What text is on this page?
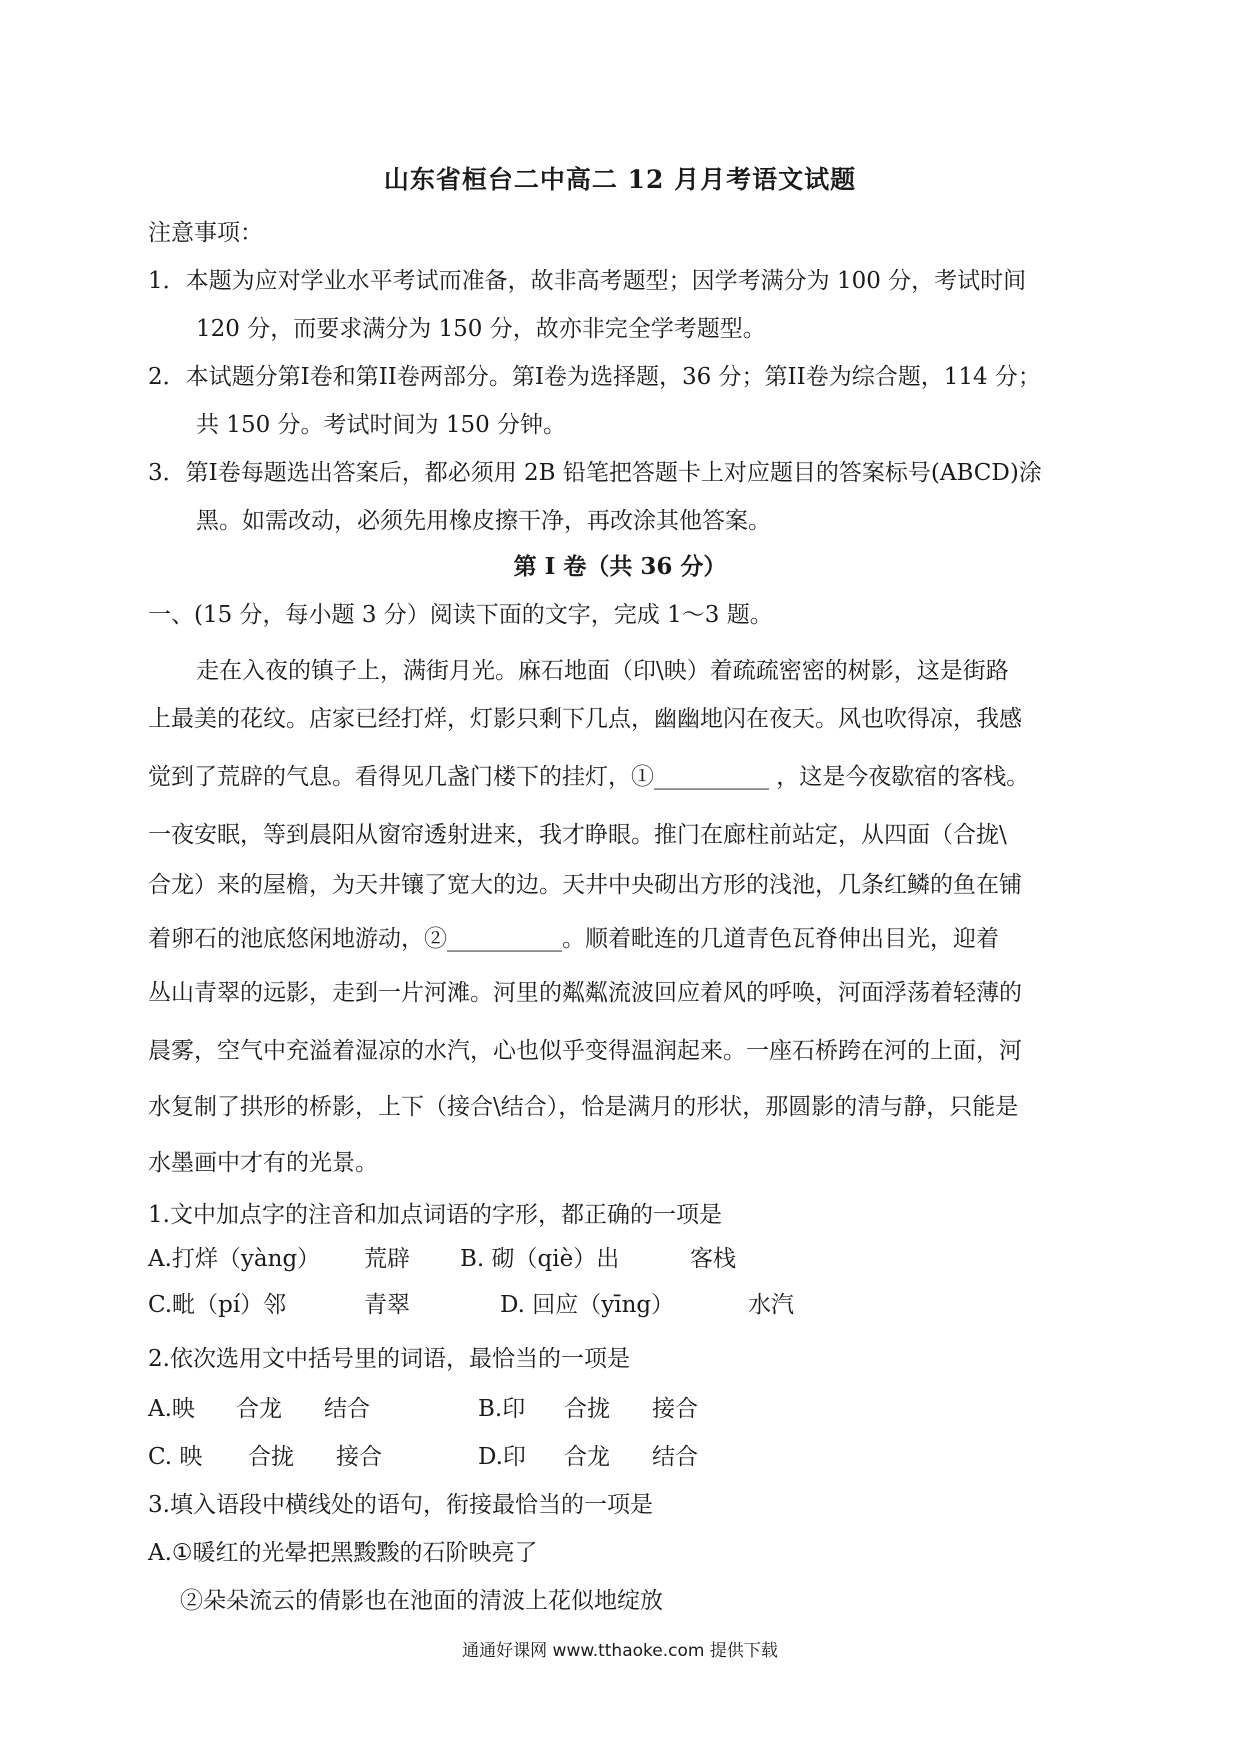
山东省桓台二中高二 12 月月考语文试题
注意事项：
1．本题为应对学业水平考试而准备，故非高考题型；因学考满分为 100 分，考试时间
120 分，而要求满分为 150 分，故亦非完全学考题型。
2．本试题分第Ⅰ卷和第II卷两部分。第Ⅰ卷为选择题，36 分；第II卷为综合题，114 分；
共 150 分。考试时间为 150 分钟。
3．第Ⅰ卷每题选出答案后，都必须用 2B 铅笔把答题卡上对应题目的答案标号(ABCD)涂
黑。如需改动，必须先用橡皮擦干净，再改涂其他答案。
第 Ⅰ 卷（共 36 分）
一、(15 分，每小题 3 分）阅读下面的文字，完成 1～3 题。
走在入夜的镇子上，满街月光。麻石地面（印\映）着疏疏密密的树影，这是街路
上最美的花纹。店家已经打烊，灯影只剩下几点，幽幽地闪在夜天。风也吹得凉，我感
觉到了荒辟的气息。看得见几盏门楼下的挂灯，①__________ ，这是今夜歇宿的客栈。
一夜安眠，等到晨阳从窗帘透射进来，我才睁眼。推门在廊柱前站定，从四面（合拢\
合龙）来的屋檐，为天井镶了宽大的边。天井中央砌出方形的浅池，几条红鳞的鱼在铺
着卵石的池底悠闲地游动，②__________。顺着毗连的几道青色瓦脊伸出目光，迎着
丛山青翠的远影，走到一片河滩。河里的粼粼流波回应着风的呼唤，河面浮荡着轻薄的
晨雾，空气中充溢着湿凉的水汽，心也似乎变得温润起来。一座石桥跨在河的上面，河
水复制了拱形的桥影，上下（接合\结合），恰是满月的形状，那圆影的清与静，只能是
水墨画中才有的光景。
1.文中加点字的注音和加点词语的字形，都正确的一项是
A.打烊（yàng） 荒辟 B. 砌（qiè）出	客栈
C.毗（pí）邻	青翠	D. 回应（yīng）	水汽
2.依次选用文中括号里的词语，最恰当的一项是
A.映 合龙 结合	B.印 合拢 接合
C. 映 合拢 接合	D.印 合龙 结合
3.填入语段中横线处的语句，衔接最恰当的一项是
A.①暖红的光晕把黑黢黢的石阶映亮了
②朵朵流云的倩影也在池面的清波上花似地绽放
通通好课网 www.tthaoke.com 提供下载
